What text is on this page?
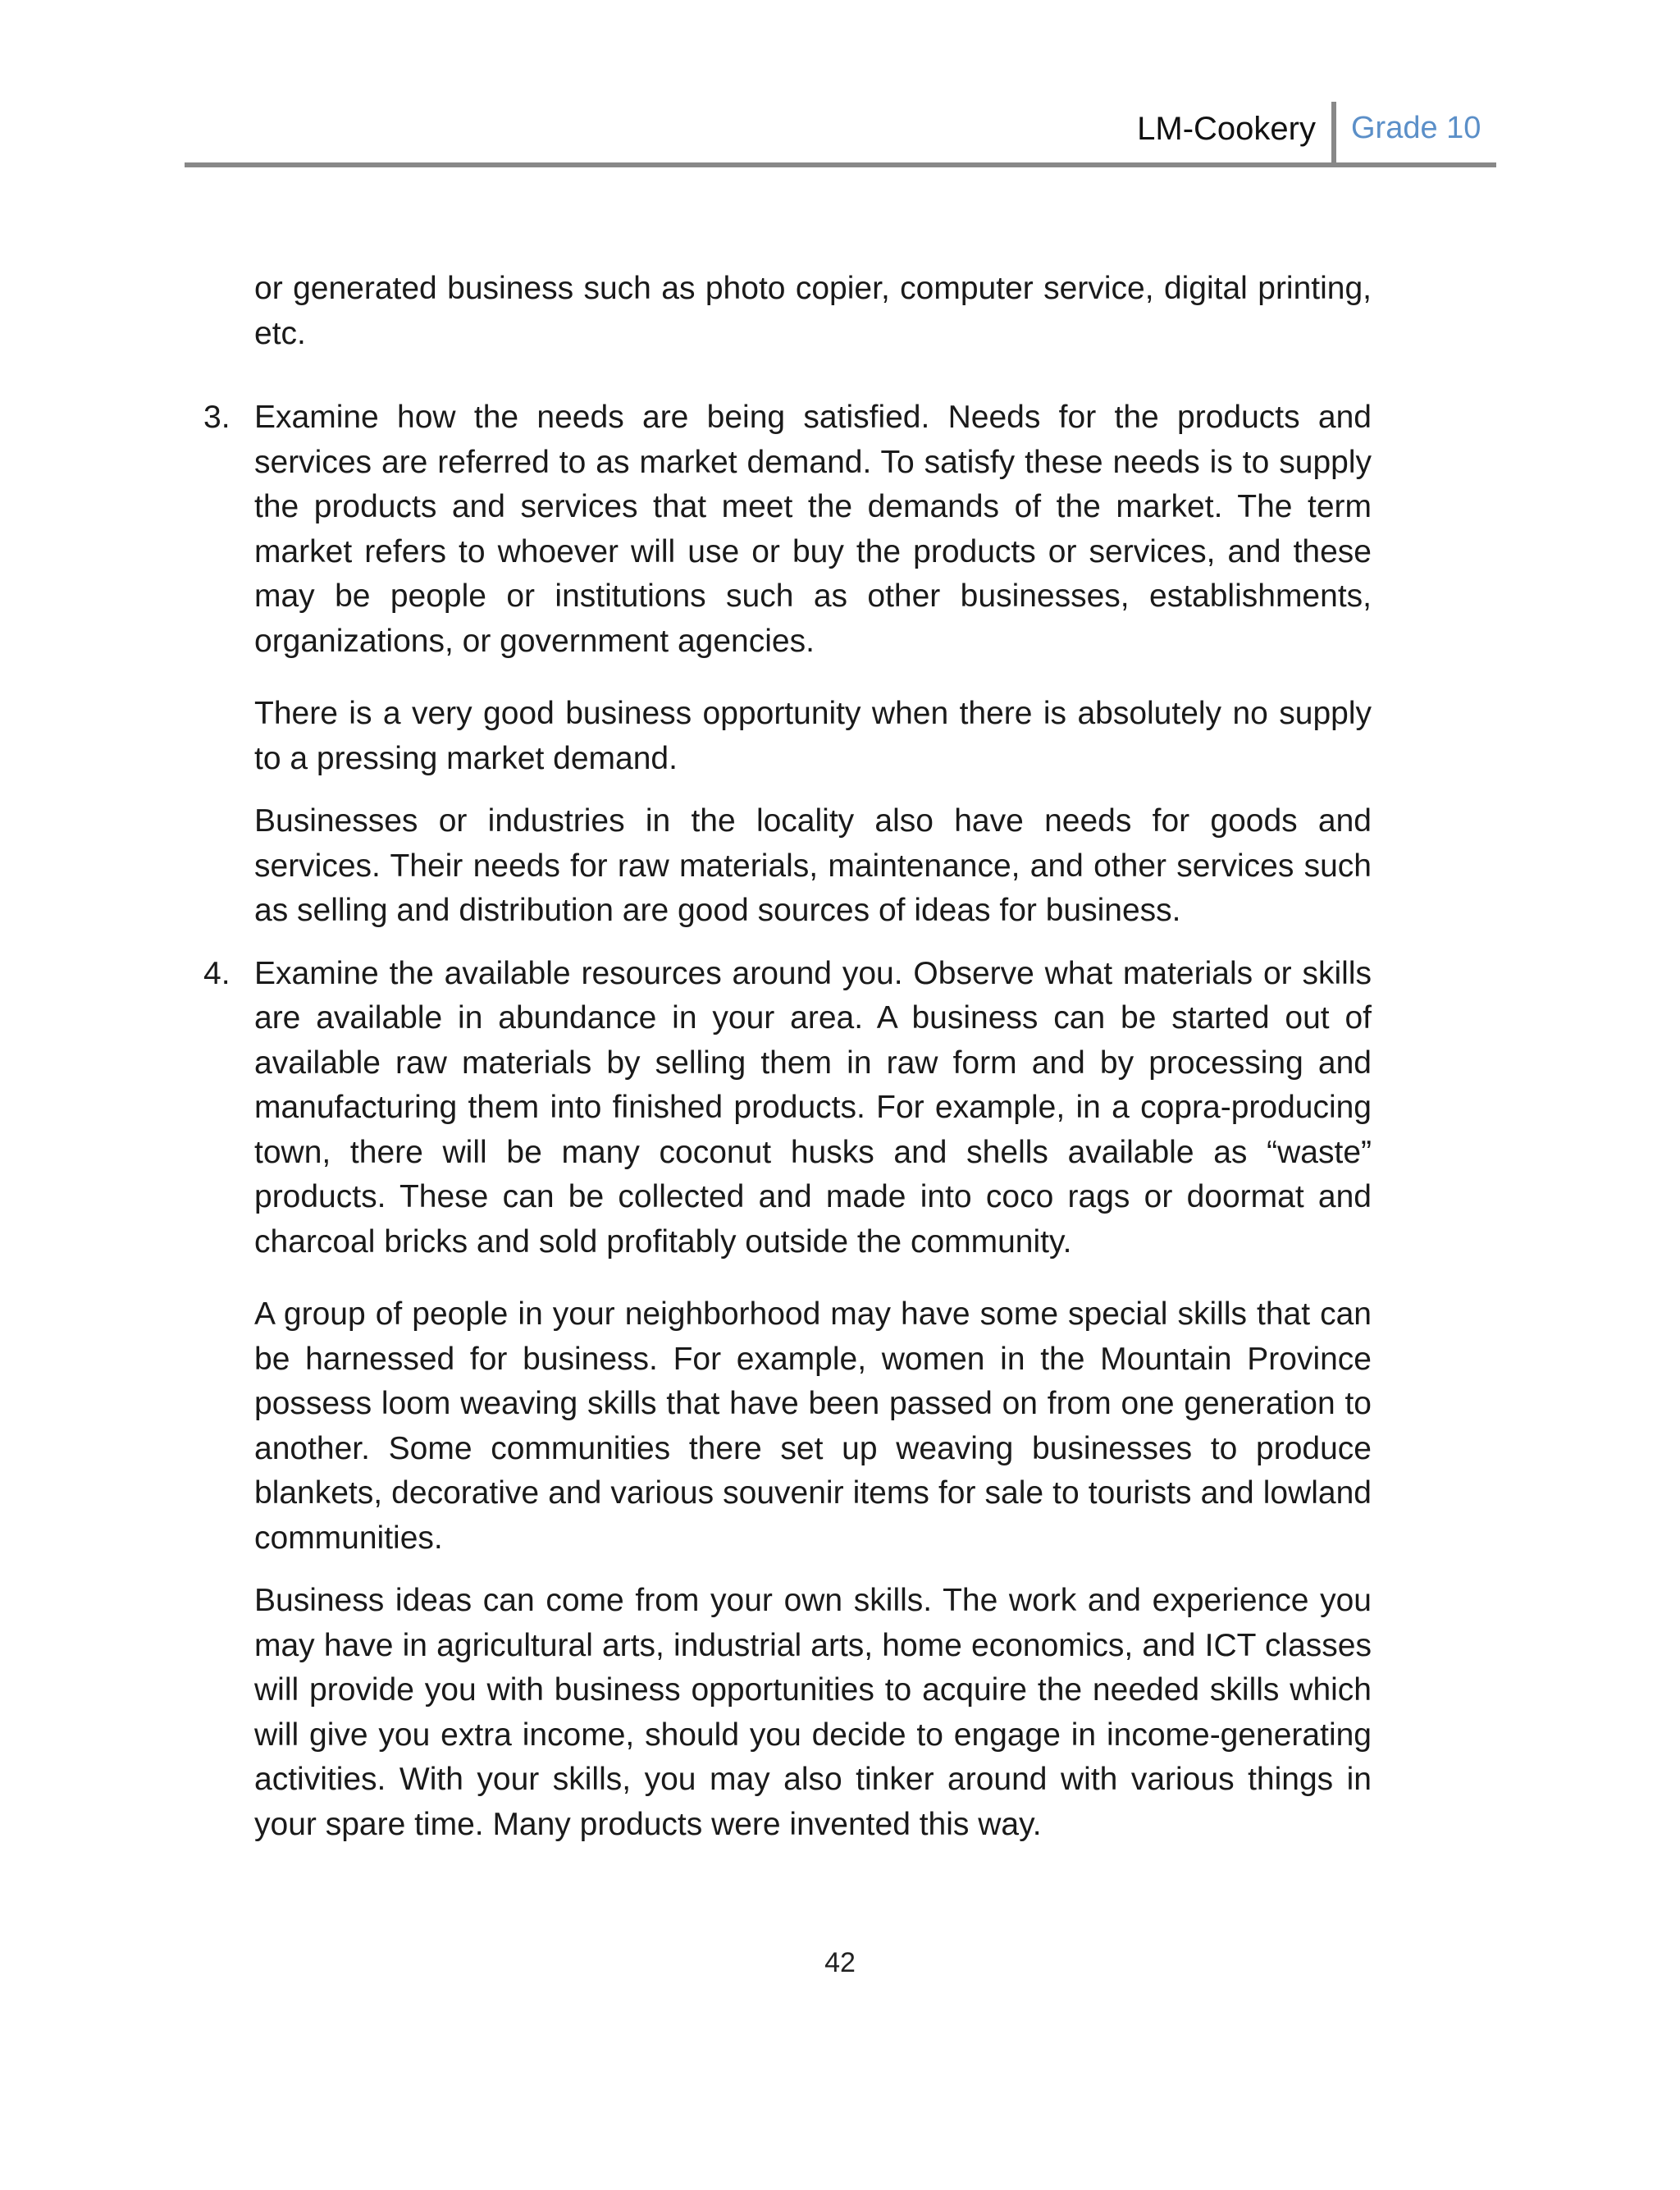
LM-Cookery Grade 10

or generated business such as photo copier, computer service, digital printing, etc.

3. Examine how the needs are being satisfied. Needs for the products and services are referred to as market demand. To satisfy these needs is to supply the products and services that meet the demands of the market. The term market refers to whoever will use or buy the products or services, and these may be people or institutions such as other businesses, establishments, organizations, or government agencies.

There is a very good business opportunity when there is absolutely no supply to a pressing market demand.

Businesses or industries in the locality also have needs for goods and services. Their needs for raw materials, maintenance, and other services such as selling and distribution are good sources of ideas for business.

4. Examine the available resources around you. Observe what materials or skills are available in abundance in your area. A business can be started out of available raw materials by selling them in raw form and by processing and manufacturing them into finished products. For example, in a copra-producing town, there will be many coconut husks and shells available as “waste” products. These can be collected and made into coco rags or doormat and charcoal bricks and sold profitably outside the community.

A group of people in your neighborhood may have some special skills that can be harnessed for business. For example, women in the Mountain Province possess loom weaving skills that have been passed on from one generation to another. Some communities there set up weaving businesses to produce blankets, decorative and various souvenir items for sale to tourists and lowland communities.

Business ideas can come from your own skills. The work and experience you may have in agricultural arts, industrial arts, home economics, and ICT classes will provide you with business opportunities to acquire the needed skills which will give you extra income, should you decide to engage in income-generating activities. With your skills, you may also tinker around with various things in your spare time. Many products were invented this way.

42
